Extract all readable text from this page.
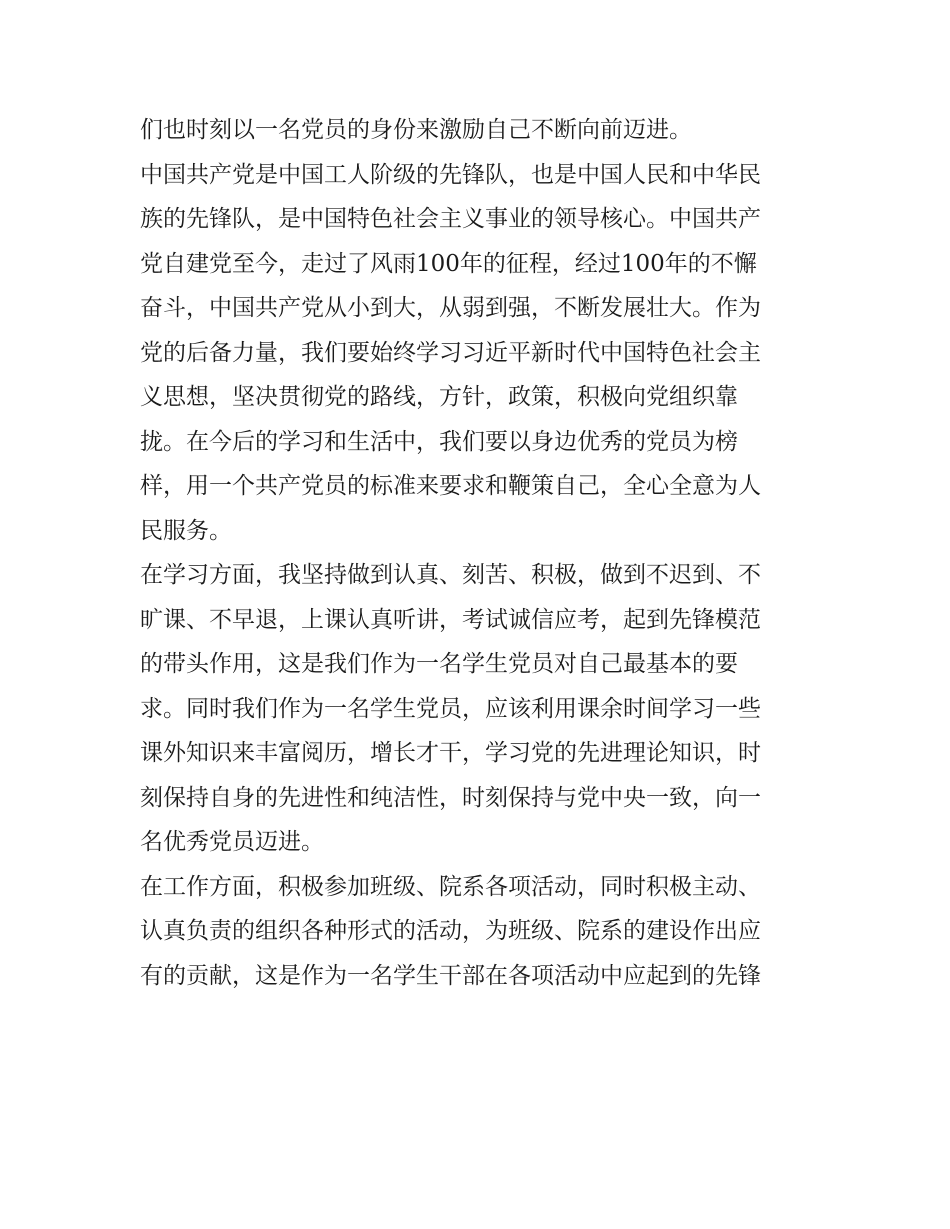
们也时刻以一名党员的身份来激励自己不断向前迈进。

中国共产党是中国工人阶级的先锋队，也是中国人民和中华民
族的先锋队，是中国特色社会主义事业的领导核心。中国共产
党自建党至今，走过了风雨100年的征程，经过100年的不懈
奋斗，中国共产党从小到大，从弱到强，不断发展壮大。作为
党的后备力量，我们要始终学习习近平新时代中国特色社会主
义思想，坚决贯彻党的路线，方针，政策，积极向党组织靠
拢。在今后的学习和生活中，我们要以身边优秀的党员为榜
样，用一个共产党员的标准来要求和鞭策自己，全心全意为人
民服务。

在学习方面，我坚持做到认真、刻苦、积极，做到不迟到、不
旷课、不早退，上课认真听讲，考试诚信应考，起到先锋模范
的带头作用，这是我们作为一名学生党员对自己最基本的要
求。同时我们作为一名学生党员，应该利用课余时间学习一些
课外知识来丰富阅历，增长才干，学习党的先进理论知识，时
刻保持自身的先进性和纯洁性，时刻保持与党中央一致，向一
名优秀党员迈进。

在工作方面，积极参加班级、院系各项活动，同时积极主动、
认真负责的组织各种形式的活动，为班级、院系的建设作出应
有的贡献，这是作为一名学生干部在各项活动中应起到的先锋
